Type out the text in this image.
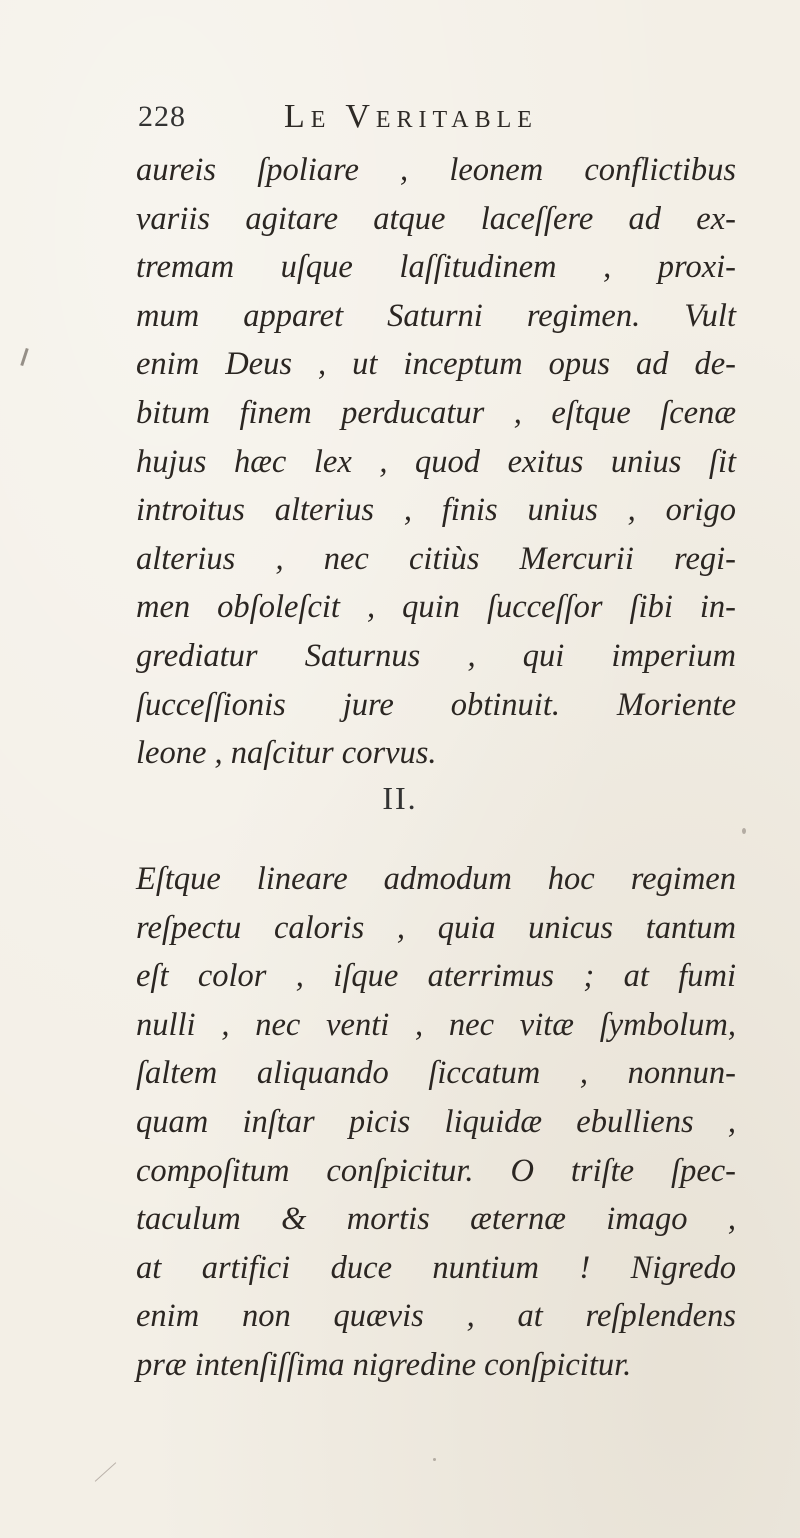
228	Le Veritable
aureis ſpoliare , leonem conflictibus
variis agitare atque laceſſere ad ex-
tremam uſque laſſitudinem , proxi-
mum apparet Saturni regimen. Vult
enim Deus , ut inceptum opus ad de-
bitum finem perducatur , eſtque ſcenæ
hujus hæc lex , quod exitus unius ſit
introitus alterius , finis unius , origo
alterius , nec citiùs Mercurii regi-
men obſoleſcit , quin ſucceſſor ſibi in-
grediatur Saturnus , qui imperium
ſucceſſionis jure obtinuit. Moriente
leone , naſcitur corvus.
II.
Eſtque lineare admodum hoc regimen
reſpectu caloris , quia unicus tantum
eſt color , iſque aterrimus ; at fumi
nulli , nec venti , nec vitæ ſymbolum,
ſaltem aliquando ſiccatum , nonnun-
quam inſtar picis liquidæ ebulliens ,
compoſitum conſpicitur. O triſte ſpec-
taculum & mortis æternæ imago ,
at artifici duce nuntium ! Nigredo
enim non quævis , at reſplendens
præ intenſiſſima nigredine conſpicitur.
